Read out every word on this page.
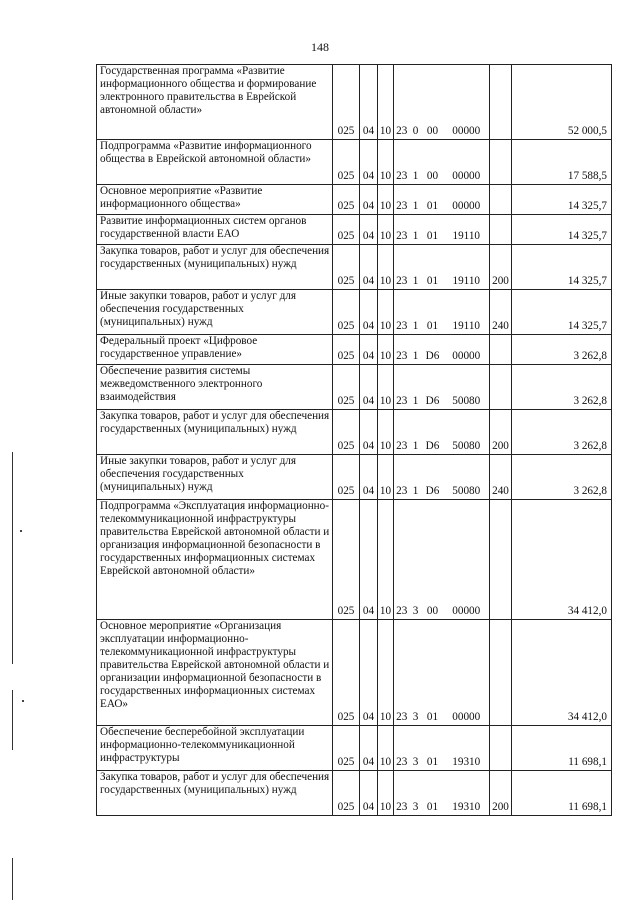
148
Государственная программа «Развитие информационного общества и формирование электронного правительства в Еврейской автономной области»	025	04	10	23	0	00	00000		52 000,5
Подпрограмма «Развитие информационного общества в Еврейской автономной области»	025	04	10	23	1	00	00000		17 588,5
Основное мероприятие «Развитие информационного общества»	025	04	10	23	1	01	00000		14 325,7
Развитие информационных систем органов государственной власти ЕАО	025	04	10	23	1	01	19110		14 325,7
Закупка товаров, работ и услуг для обеспечения государственных (муниципальных) нужд	025	04	10	23	1	01	19110	200	14 325,7
Иные закупки товаров, работ и услуг для обеспечения государственных (муниципальных) нужд	025	04	10	23	1	01	19110	240	14 325,7
Федеральный проект «Цифровое государственное управление»	025	04	10	23	1	D6	00000		3 262,8
Обеспечение развития системы межведомственного электронного взаимодействия	025	04	10	23	1	D6	50080		3 262,8
Закупка товаров, работ и услуг для обеспечения государственных (муниципальных) нужд	025	04	10	23	1	D6	50080	200	3 262,8
Иные закупки товаров, работ и услуг для обеспечения государственных (муниципальных) нужд	025	04	10	23	1	D6	50080	240	3 262,8
Подпрограмма «Эксплуатация информационно-телекоммуникационной инфраструктуры правительства Еврейской автономной области и организация информационной безопасности в государственных информационных системах Еврейской автономной области»	025	04	10	23	3	00	00000		34 412,0
Основное мероприятие «Организация эксплуатации информационно-телекоммуникационной инфраструктуры правительства Еврейской автономной области и организации информационной безопасности в государственных информационных системах ЕАО»	025	04	10	23	3	01	00000		34 412,0
Обеспечение бесперебойной эксплуатации информационно-телекоммуникационной инфраструктуры	025	04	10	23	3	01	19310		11 698,1
Закупка товаров, работ и услуг для обеспечения государственных (муниципальных) нужд	025	04	10	23	3	01	19310	200	11 698,1
